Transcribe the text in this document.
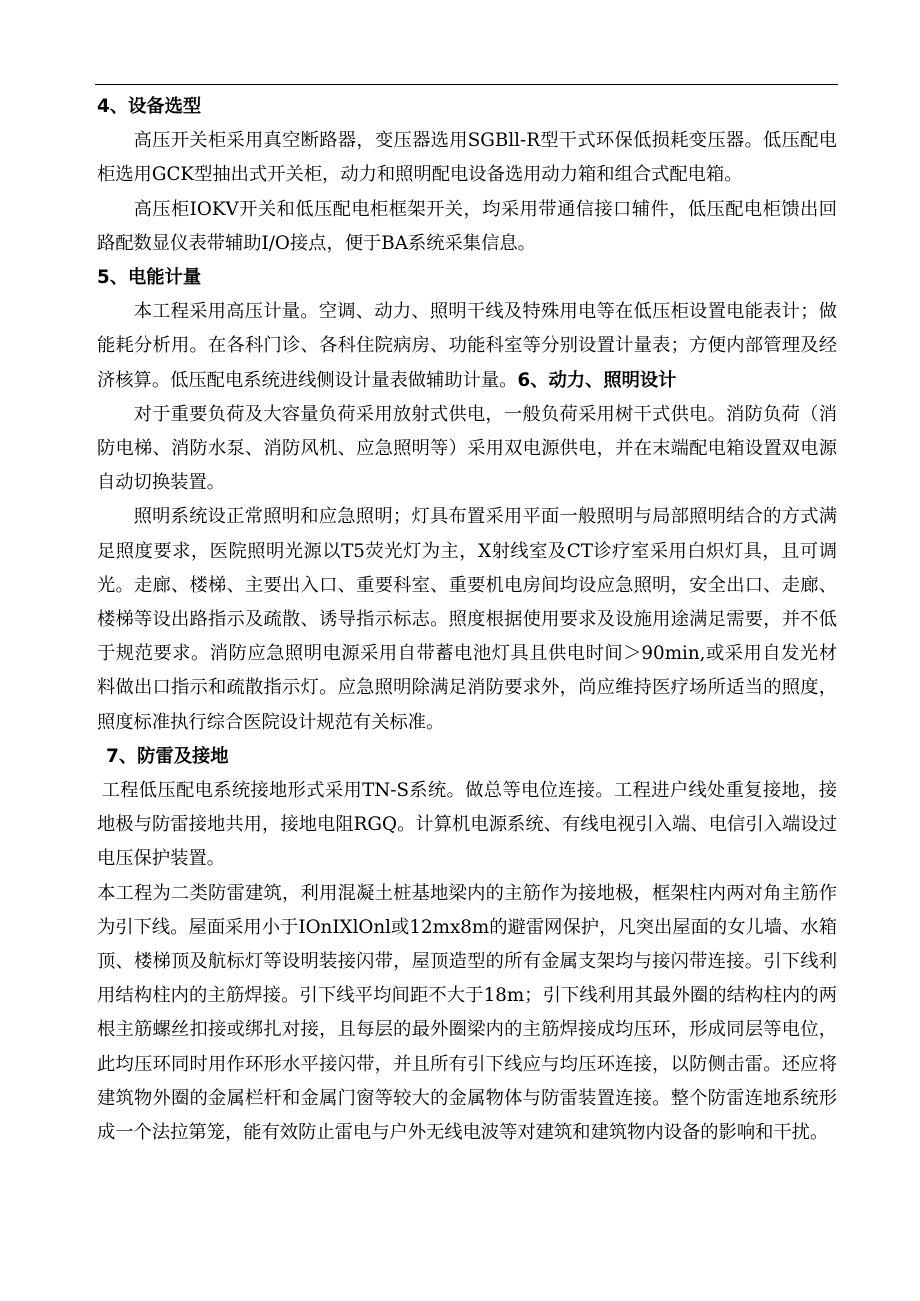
4、设备选型

高压开关柜采用真空断路器，变压器选用SGBll-R型干式环保低损耗变压器。低压配电柜选用GCK型抽出式开关柜，动力和照明配电设备选用动力箱和组合式配电箱。

高压柜IOKV开关和低压配电柜框架开关，均采用带通信接口辅件，低压配电柜馈出回路配数显仪表带辅助I/O接点，便于BA系统采集信息。

5、电能计量

本工程采用高压计量。空调、动力、照明干线及特殊用电等在低压柜设置电能表计；做能耗分析用。在各科门诊、各科住院病房、功能科室等分别设置计量表；方便内部管理及经济核算。低压配电系统进线侧设计量表做辅助计量。6、动力、照明设计

对于重要负荷及大容量负荷采用放射式供电，一般负荷采用树干式供电。消防负荷（消防电梯、消防水泵、消防风机、应急照明等）采用双电源供电，并在末端配电箱设置双电源自动切换装置。

照明系统设正常照明和应急照明；灯具布置采用平面一般照明与局部照明结合的方式满足照度要求，医院照明光源以T5荧光灯为主，X射线室及CT诊疗室采用白炽灯具，且可调光。走廊、楼梯、主要出入口、重要科室、重要机电房间均设应急照明，安全出口、走廊、楼梯等设出路指示及疏散、诱导指示标志。照度根据使用要求及设施用途满足需要，并不低于规范要求。消防应急照明电源采用自带蓄电池灯具且供电时间＞90min,或采用自发光材料做出口指示和疏散指示灯。应急照明除满足消防要求外，尚应维持医疗场所适当的照度，照度标准执行综合医院设计规范有关标准。

7、防雷及接地

工程低压配电系统接地形式采用TN-S系统。做总等电位连接。工程进户线处重复接地，接地极与防雷接地共用，接地电阻RGQ。计算机电源系统、有线电视引入端、电信引入端设过电压保护装置。

本工程为二类防雷建筑，利用混凝土桩基地梁内的主筋作为接地极，框架柱内两对角主筋作为引下线。屋面采用小于IOnIXlOnl或12mx8m的避雷网保护，凡突出屋面的女儿墙、水箱顶、楼梯顶及航标灯等设明装接闪带，屋顶造型的所有金属支架均与接闪带连接。引下线利用结构柱内的主筋焊接。引下线平均间距不大于18m；引下线利用其最外圈的结构柱内的两根主筋螺丝扣接或绑扎对接，且每层的最外圈梁内的主筋焊接成均压环，形成同层等电位，此均压环同时用作环形水平接闪带，并且所有引下线应与均压环连接，以防侧击雷。还应将建筑物外圈的金属栏杆和金属门窗等较大的金属物体与防雷装置连接。整个防雷连地系统形成一个法拉第笼，能有效防止雷电与户外无线电波等对建筑和建筑物内设备的影响和干扰。
